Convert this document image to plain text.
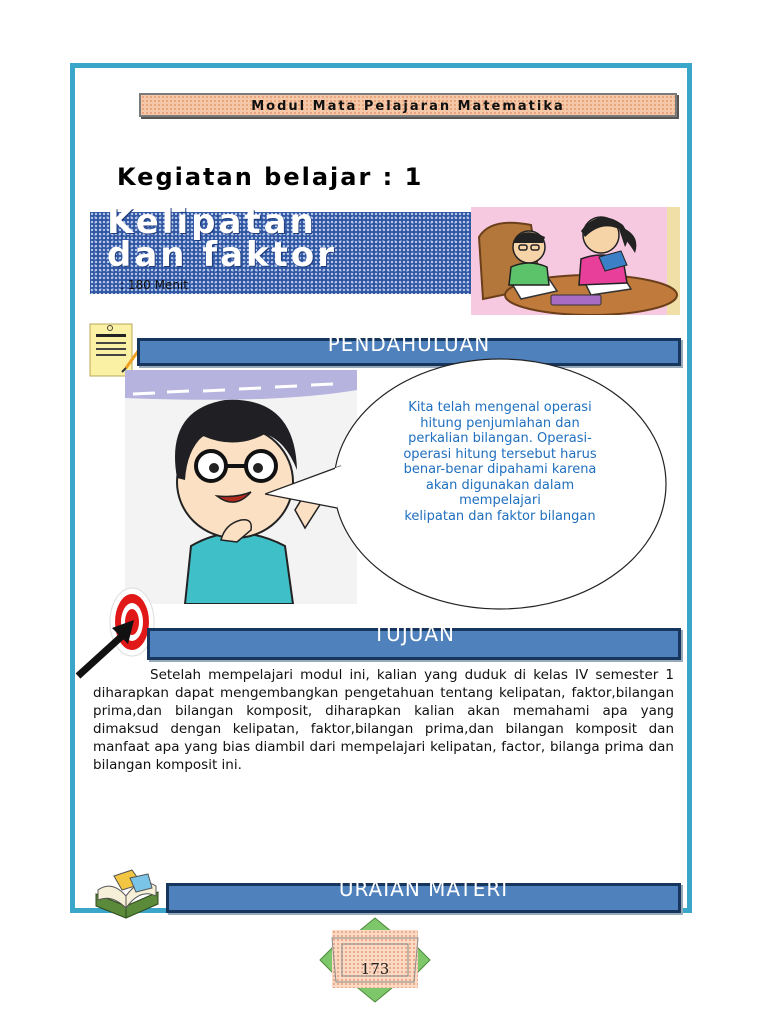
Modul Mata Pelajaran Matematika
Kegiatan belajar : 1
Kelipatan
dan faktor
: 180 Menit
PENDAHULUAN
Kita telah mengenal operasi
hitung penjumlahan dan
perkalian bilangan. Operasi-
operasi hitung tersebut harus
benar-benar dipahami karena
akan digunakan dalam
mempelajari
kelipatan dan faktor bilangan
TUJUAN
Setelah mempelajari modul ini, kalian yang duduk di kelas IV semester 1 diharapkan dapat mengembangkan pengetahuan tentang kelipatan, faktor,bilangan prima,dan bilangan komposit, diharapkan kalian akan memahami apa yang dimaksud dengan kelipatan, faktor,bilangan prima,dan bilangan komposit dan manfaat apa yang bias diambil dari mempelajari kelipatan, factor, bilanga prima dan bilangan komposit ini.
URAIAN MATERI
173
